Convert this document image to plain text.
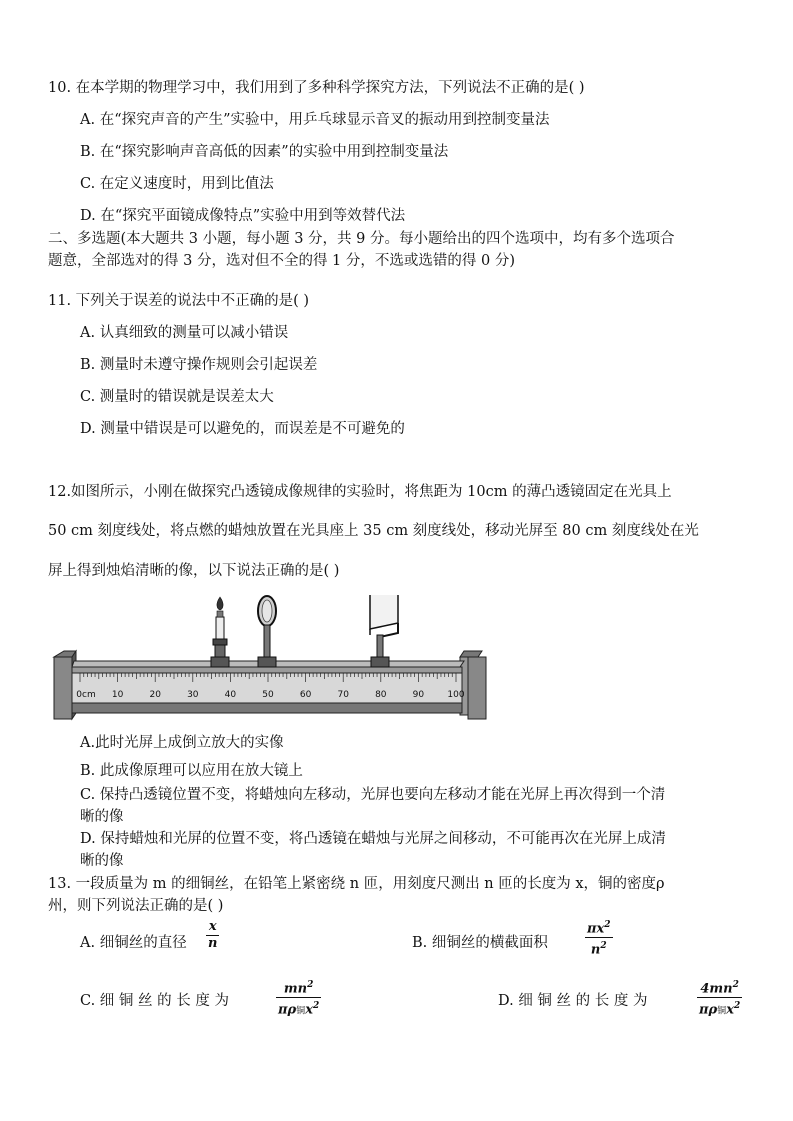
10. 在本学期的物理学习中，我们用到了多种科学探究方法，下列说法不正确的是( )
A. 在“探究声音的产生”实验中，用乒乓球显示音叉的振动用到控制变量法
B. 在“探究影响声音高低的因素”的实验中用到控制变量法
C. 在定义速度时，用到比值法
D. 在“探究平面镜成像特点”实验中用到等效替代法
二、多选题(本大题共 3 小题，每小题 3 分，共 9 分。每小题给出的四个选项中，均有多个选项合
题意，全部选对的得 3 分，选对但不全的得 1 分，不选或选错的得 0 分)
11. 下列关于误差的说法中不正确的是( )
A. 认真细致的测量可以减小错误
B. 测量时未遵守操作规则会引起误差
C. 测量时的错误就是误差太大
D. 测量中错误是可以避免的，而误差是不可避免的
12.如图所示，小刚在做探究凸透镜成像规律的实验时，将焦距为 10cm 的薄凸透镜固定在光具上
50 cm 刻度线处，将点燃的蜡烛放置在光具座上 35 cm 刻度线处，移动光屏至 80 cm 刻度线处在光
屏上得到烛焰清晰的像，以下说法正确的是( )
0cm 10	20	30	40	50	60	70	80	90	100
A.此时光屏上成倒立放大的实像
B. 此成像原理可以应用在放大镜上
C. 保持凸透镜位置不变，将蜡烛向左移动，光屏也要向左移动才能在光屏上再次得到一个清
晰的像
D. 保持蜡烛和光屏的位置不变，将凸透镜在蜡烛与光屏之间移动，不可能再次在光屏上成清
晰的像
13. 一段质量为 m 的细铜丝，在铅笔上紧密绕 n 匝，用刻度尺测出 n 匝的长度为 x，铜的密度ρ
州，则下列说法正确的是( )
A. 细铜丝的直径
x
n	B. 细铜丝的横截面积
$\pi x^2$
$n^2$
C. 细 铜 丝 的 长 度 为
$mn^2$
πρ铜$x^2$	D. 细 铜 丝 的 长 度 为
$4mn^2$
πρ铜$x^2$
